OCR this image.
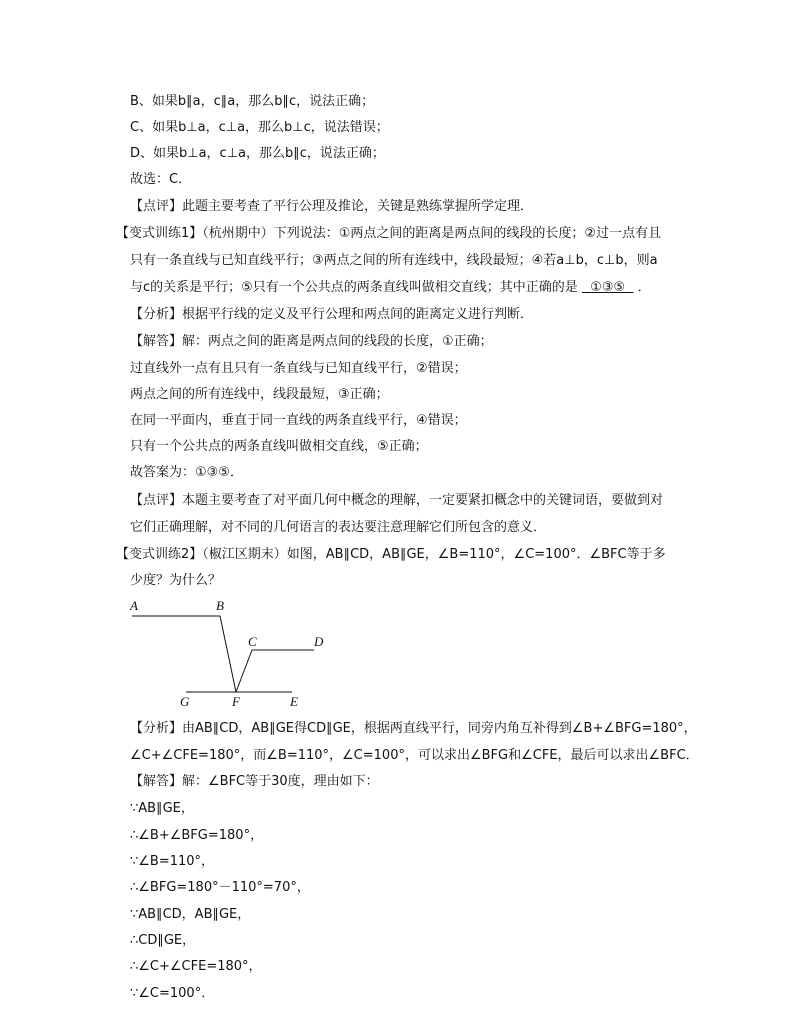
B、如果b∥a，c∥a，那么b∥c，说法正确；
C、如果b⊥a，c⊥a，那么b⊥c，说法错误；
D、如果b⊥a，c⊥a，那么b∥c，说法正确；
故选：C．
【点评】此题主要考查了平行公理及推论，关键是熟练掌握所学定理．
【变式训练1】（杭州期中）下列说法：①两点之间的距离是两点间的线段的长度；②过一点有且
只有一条直线与已知直线平行；③两点之间的所有连线中，线段最短；④若a⊥b，c⊥b，则a
与c的关系是平行；⑤只有一个公共点的两条直线叫做相交直线；其中正确的是 ①③⑤ ．
【分析】根据平行线的定义及平行公理和两点间的距离定义进行判断．
【解答】解：两点之间的距离是两点间的线段的长度，①正确；
过直线外一点有且只有一条直线与已知直线平行，②错误；
两点之间的所有连线中，线段最短，③正确；
在同一平面内，垂直于同一直线的两条直线平行，④错误；
只有一个公共点的两条直线叫做相交直线，⑤正确；
故答案为：①③⑤．
【点评】本题主要考查了对平面几何中概念的理解，一定要紧扣概念中的关键词语，要做到对
它们正确理解，对不同的几何语言的表达要注意理解它们所包含的意义．
【变式训练2】（椒江区期末）如图，AB∥CD，AB∥GE，∠B=110°，∠C=100°．∠BFC等于多
少度？为什么？
A	B
C	D
G	F	E
【分析】由AB∥CD，AB∥GE得CD∥GE，根据两直线平行，同旁内角互补得到∠B+∠BFG=180°，
∠C+∠CFE=180°，而∠B=110°，∠C=100°，可以求出∠BFG和∠CFE，最后可以求出∠BFC．
【解答】解：∠BFC等于30度，理由如下：
∵AB∥GE，
∴∠B+∠BFG=180°，
∵∠B=110°，
∴∠BFG=180°－110°=70°，
∵AB∥CD，AB∥GE，
∴CD∥GE，
∴∠C+∠CFE=180°，
∵∠C=100°．
